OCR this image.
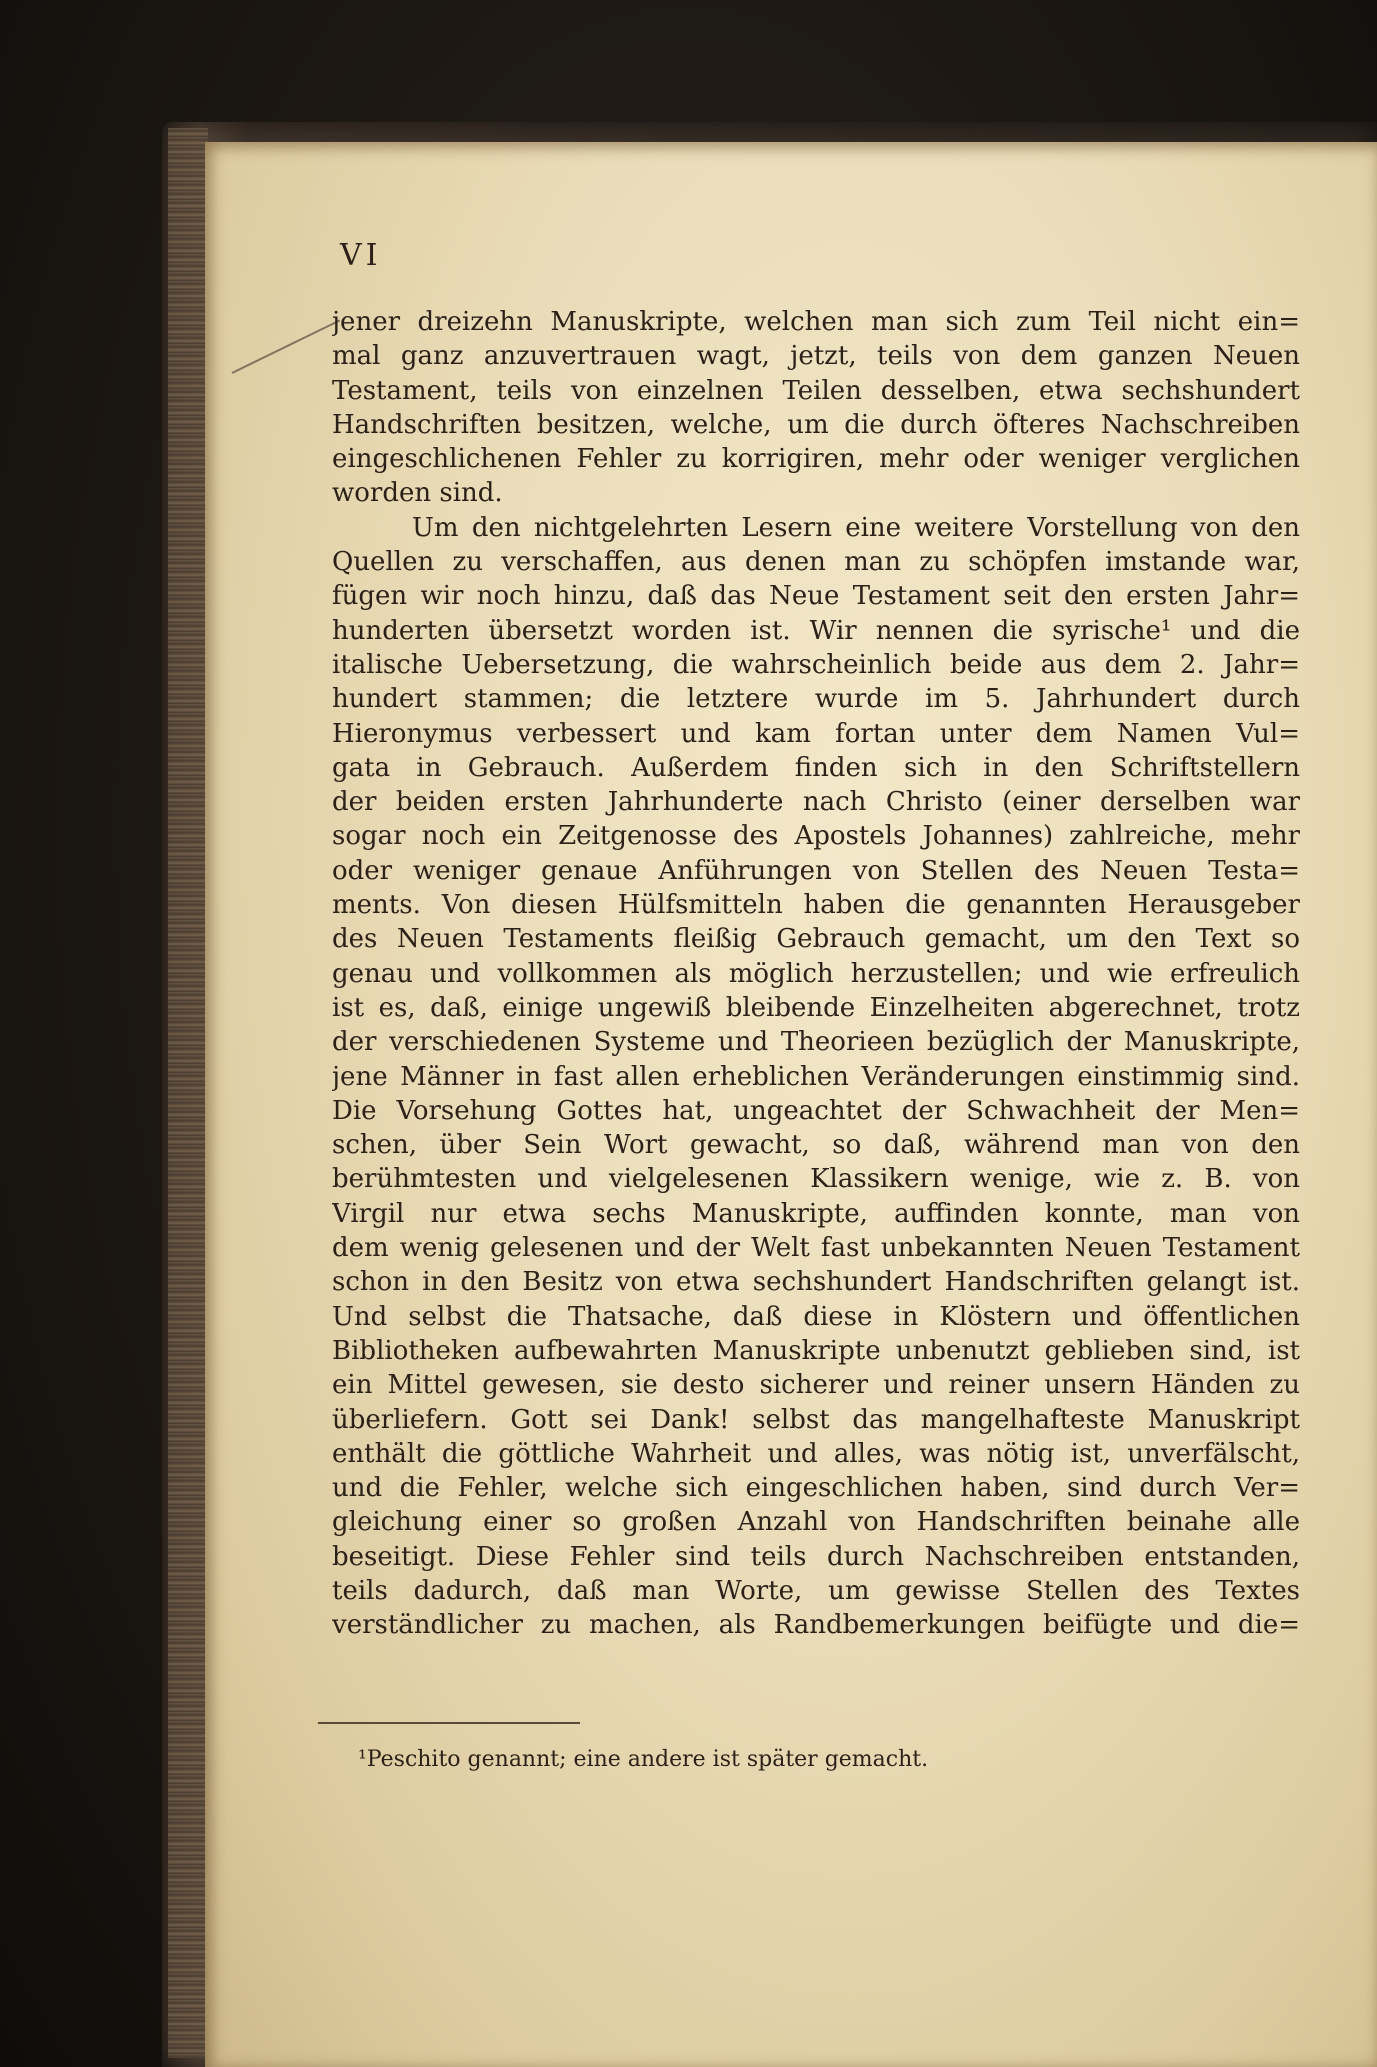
VI
jener dreizehn Manuskripte, welchen man sich zum Teil nicht ein=
mal ganz anzuvertrauen wagt, jetzt, teils von dem ganzen Neuen
Testament, teils von einzelnen Teilen desselben, etwa sechshundert
Handschriften besitzen, welche, um die durch öfteres Nachschreiben
eingeschlichenen Fehler zu korrigiren, mehr oder weniger verglichen
worden sind.
Um den nichtgelehrten Lesern eine weitere Vorstellung von den
Quellen zu verschaffen, aus denen man zu schöpfen imstande war,
fügen wir noch hinzu, daß das Neue Testament seit den ersten Jahr=
hunderten übersetzt worden ist. Wir nennen die syrische¹ und die
italische Uebersetzung, die wahrscheinlich beide aus dem 2. Jahr=
hundert stammen; die letztere wurde im 5. Jahrhundert durch
Hieronymus verbessert und kam fortan unter dem Namen Vul=
gata in Gebrauch. Außerdem finden sich in den Schriftstellern
der beiden ersten Jahrhunderte nach Christo (einer derselben war
sogar noch ein Zeitgenosse des Apostels Johannes) zahlreiche, mehr
oder weniger genaue Anführungen von Stellen des Neuen Testa=
ments. Von diesen Hülfsmitteln haben die genannten Herausgeber
des Neuen Testaments fleißig Gebrauch gemacht, um den Text so
genau und vollkommen als möglich herzustellen; und wie erfreulich
ist es, daß, einige ungewiß bleibende Einzelheiten abgerechnet, trotz
der verschiedenen Systeme und Theorieen bezüglich der Manuskripte,
jene Männer in fast allen erheblichen Veränderungen einstimmig sind.
Die Vorsehung Gottes hat, ungeachtet der Schwachheit der Men=
schen, über Sein Wort gewacht, so daß, während man von den
berühmtesten und vielgelesenen Klassikern wenige, wie z. B. von
Virgil nur etwa sechs Manuskripte, auffinden konnte, man von
dem wenig gelesenen und der Welt fast unbekannten Neuen Testament
schon in den Besitz von etwa sechshundert Handschriften gelangt ist.
Und selbst die Thatsache, daß diese in Klöstern und öffentlichen
Bibliotheken aufbewahrten Manuskripte unbenutzt geblieben sind, ist
ein Mittel gewesen, sie desto sicherer und reiner unsern Händen zu
überliefern. Gott sei Dank! selbst das mangelhafteste Manuskript
enthält die göttliche Wahrheit und alles, was nötig ist, unverfälscht,
und die Fehler, welche sich eingeschlichen haben, sind durch Ver=
gleichung einer so großen Anzahl von Handschriften beinahe alle
beseitigt. Diese Fehler sind teils durch Nachschreiben entstanden,
teils dadurch, daß man Worte, um gewisse Stellen des Textes
verständlicher zu machen, als Randbemerkungen beifügte und die=
¹Peschito genannt; eine andere ist später gemacht.
